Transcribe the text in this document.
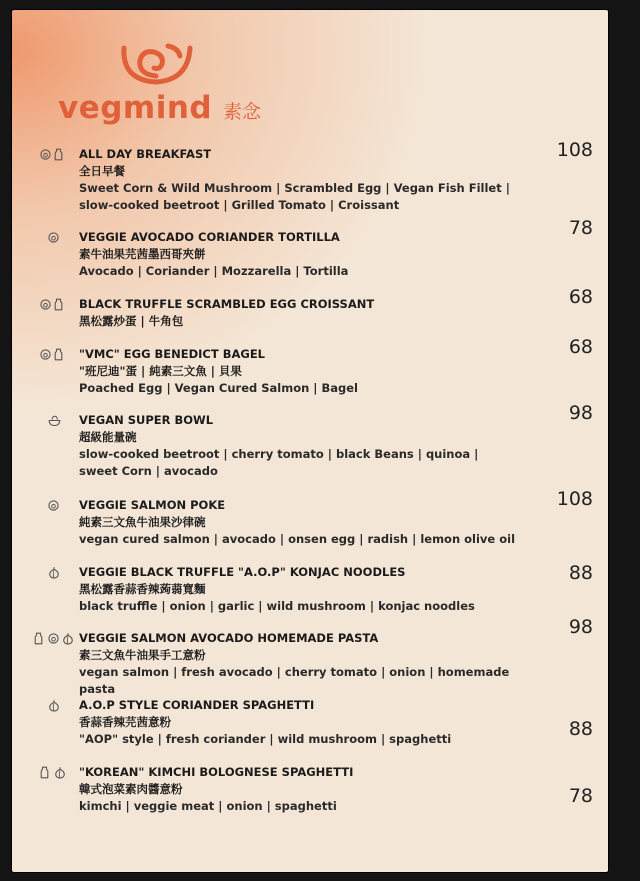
vegmind 素念
ALL DAY BREAKFAST
全日早餐
Sweet Corn & Wild Mushroom | Scrambled Egg | Vegan Fish Fillet | slow-cooked beetroot | Grilled Tomato | Croissant
108
VEGGIE AVOCADO CORIANDER TORTILLA
素牛油果芫茜墨西哥夾餅
Avocado | Coriander | Mozzarella | Tortilla
78
BLACK TRUFFLE SCRAMBLED EGG CROISSANT
黑松露炒蛋 | 牛角包
68
"VMC" EGG BENEDICT BAGEL
"班尼迪"蛋 | 純素三文魚 | 貝果
Poached Egg | Vegan Cured Salmon | Bagel
68
VEGAN SUPER BOWL
超級能量碗
slow-cooked beetroot | cherry tomato | black Beans | quinoa | sweet Corn | avocado
98
VEGGIE SALMON POKE
純素三文魚牛油果沙律碗
vegan cured salmon | avocado | onsen egg | radish | lemon olive oil
108
VEGGIE BLACK TRUFFLE "A.O.P" KONJAC NOODLES
黑松露香蒜香辣蒟蒻寬麵
black truffle | onion | garlic | wild mushroom | konjac noodles
88
VEGGIE SALMON AVOCADO HOMEMADE PASTA
素三文魚牛油果手工意粉
vegan salmon | fresh avocado | cherry tomato | onion | homemade pasta
98
A.O.P STYLE CORIANDER SPAGHETTI
香蒜香辣芫茜意粉
"AOP" style | fresh coriander | wild mushroom | spaghetti	88
"KOREAN" KIMCHI BOLOGNESE SPAGHETTI
韓式泡菜素肉醬意粉
kimchi | veggie meat | onion | spaghetti	78
